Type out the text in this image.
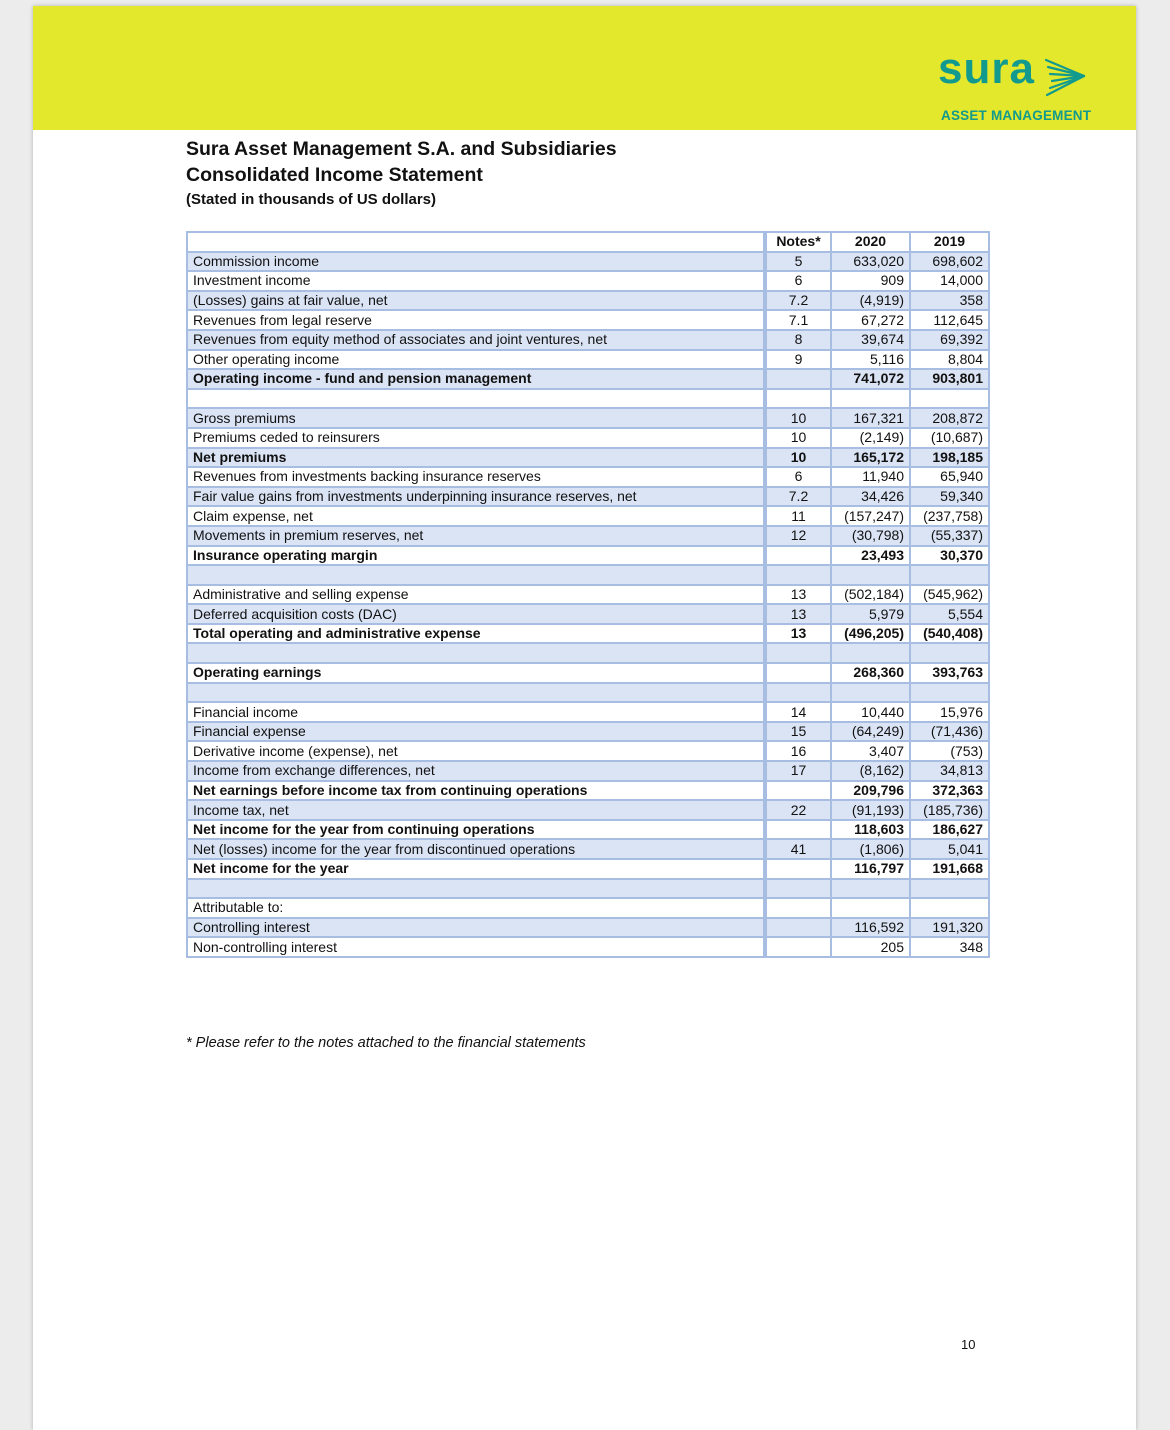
sura
ASSET MANAGEMENT
Sura Asset Management S.A. and Subsidiaries
Consolidated Income Statement
(Stated in thousands of US dollars)
		Notes*	2020	2019
Commission income		5	633,020	698,602
Investment income		6	909	14,000
(Losses) gains at fair value, net		7.2	(4,919)	358
Revenues from legal reserve		7.1	67,272	112,645
Revenues from equity method of associates and joint ventures, net		8	39,674	69,392
Other operating income		9	5,116	8,804
Operating income - fund and pension management			741,072	903,801

Gross premiums		10	167,321	208,872
Premiums ceded to reinsurers		10	(2,149)	(10,687)
Net premiums		10	165,172	198,185
Revenues from investments backing insurance reserves		6	11,940	65,940
Fair value gains from investments underpinning insurance reserves, net		7.2	34,426	59,340
Claim expense, net		11	(157,247)	(237,758)
Movements in premium reserves, net		12	(30,798)	(55,337)
Insurance operating margin			23,493	30,370

Administrative and selling expense		13	(502,184)	(545,962)
Deferred acquisition costs (DAC)		13	5,979	5,554
Total operating and administrative expense		13	(496,205)	(540,408)

Operating earnings			268,360	393,763

Financial income		14	10,440	15,976
Financial expense		15	(64,249)	(71,436)
Derivative income (expense), net		16	3,407	(753)
Income from exchange differences, net		17	(8,162)	34,813
Net earnings before income tax from continuing operations			209,796	372,363
Income tax, net		22	(91,193)	(185,736)
Net income for the year from continuing operations			118,603	186,627
Net (losses) income for the year from discontinued operations		41	(1,806)	5,041
Net income for the year			116,797	191,668

Attributable to:				
Controlling interest			116,592	191,320
Non-controlling interest			205	348
* Please refer to the notes attached to the financial statements
10
